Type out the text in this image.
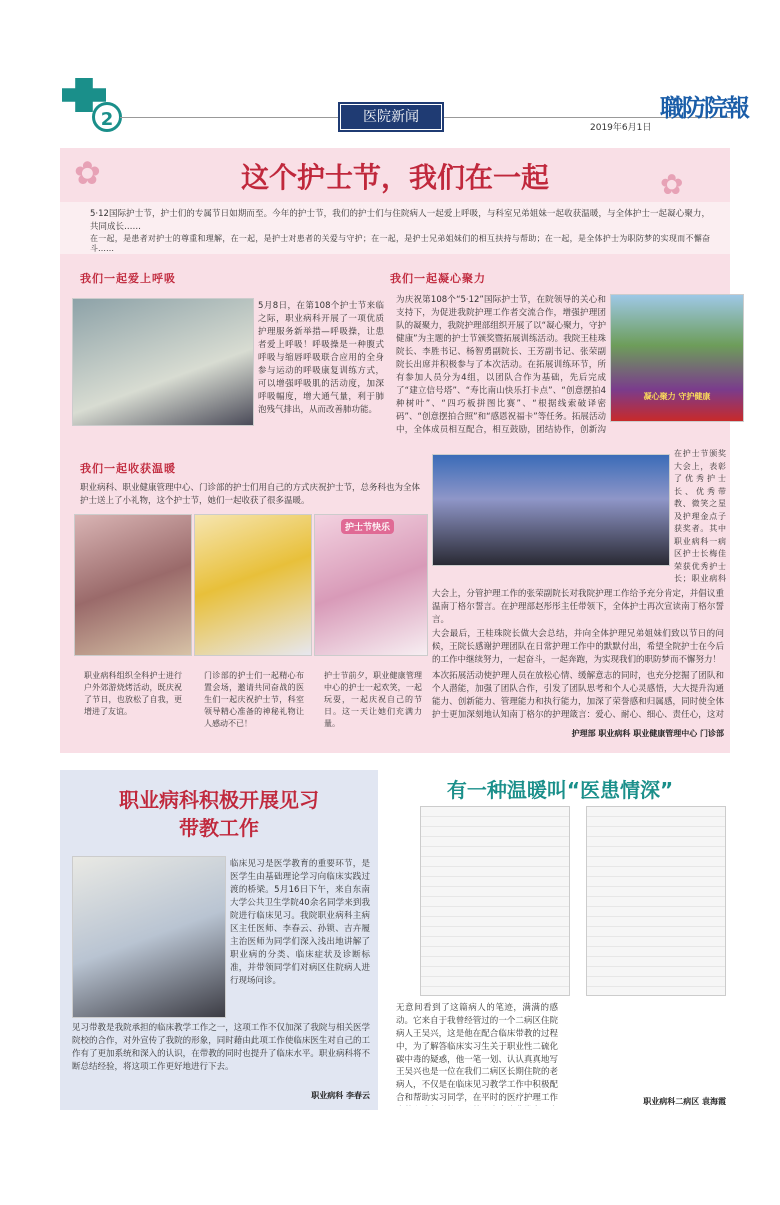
2	医院新闻
2019年6月1日
職防院報
✿	✿
这个护士节，我们在一起

5·12国际护士节，护士们的专属节日如期而至。今年的护士节，我们的护士们与住院病人一起爱上呼吸，与科室兄弟姐妹一起收获温暖，与全体护士一起凝心聚力，共同成长……

在一起，是患者对护士的尊重和理解，在一起，是护士对患者的关爱与守护；在一起，是护士兄弟姐妹们的相互扶持与帮助；在一起，是全体护士为职防梦的实现而不懈奋斗……

我们一起爱上呼吸

5月8日，在第108个护士节来临之际，职业病科开展了一项优质护理服务新举措—呼吸操，让患者爱上呼吸！呼吸操是一种腹式呼吸与缩唇呼吸联合应用的全身参与运动的呼吸康复训练方式，可以增强呼吸肌的活动度，加深呼吸幅度，增大通气量，利于肺泡残气排出，从而改善肺功能。

我们一起凝心聚力

为庆祝第108个“5·12”国际护士节，在院领导的关心和支持下，为促进我院护理工作者交流合作，增强护理团队的凝聚力，我院护理部组织开展了以“凝心聚力，守护健康”为主题的护士节颁奖暨拓展训练活动。我院王桂珠院长、李胜书记、杨智勇副院长、王芳副书记、张荣副院长出席并积极参与了本次活动。在拓展训练环节，所有参加人员分为4组，以团队合作为基础，先后完成了“建立信号塔”、“寿比南山快乐打卡点”、“创意摆拍4种树叶”、“四巧板拼图比赛”、“根据线索破译密码”、“创意摆拍合照”和“感恩祝福卡”等任务。拓展活动中，全体成员相互配合，相互鼓励，团结协作，创新沟

凝心聚力 守护健康
我们一起收获温暖

职业病科、职业健康管理中心、门诊部的护士们用自己的方式庆祝护士节，总务科也为全体护士送上了小礼物，这个护士节，她们一起收获了很多温暖。

护士节快乐

职业病科组织全科护士进行户外郊游烧烤活动，既庆祝了节日，也放松了自我，更增进了友谊。

门诊部的护士们一起精心布置会场，邀请共同奋战的医生们一起庆祝护士节，科室领导精心准备的神秘礼物让人感动不已！

护士节前夕，职业健康管理中心的护士一起欢笑，一起玩耍，一起庆祝自己的节日。这一天让她们充满力量。

在护士节颁奖大会上，表彰了优秀护士长、优秀带教、微笑之星及护理金点子获奖者。其中职业病科一病区护士长梅佳荣获优秀护士长；职业病科

大会上，分管护理工作的张荣副院长对我院护理工作给予充分肯定，并倡议重温南丁格尔誓言。在护理部赵彤彤主任带领下，全体护士再次宣读南丁格尔誓言。

大会最后，王桂珠院长做大会总结，并向全体护理兄弟姐妹们致以节日的问候，王院长感谢护理团队在日常护理工作中的默默付出，希望全院护士在今后的工作中继续努力，一起奋斗，一起奔跑，为实现我们的职防梦而不懈努力！

本次拓展活动使护理人员在放松心情、缓解意志的同时，也充分挖掘了团队和个人潜能，加强了团队合作，引发了团队思考和个人心灵感悟，大大提升沟通能力、创新能力、管理能力和执行能力，加深了荣誉感和归属感，同时使全体护士更加深刻地认知南丁格尔的护理箴言：爱心、耐心、细心、责任心，这对

护理部 职业病科 职业健康管理中心 门诊部
职业病科积极开展见习
带教工作

临床见习是医学教育的重要环节，是医学生由基础理论学习向临床实践过渡的桥梁。5月16日下午，来自东南大学公共卫生学院40余名同学来到我院进行临床见习。我院职业病科主病区主任医师、李春云、孙锁、吉卉履主治医师为同学们深入浅出地讲解了职业病的分类、临床症状及诊断标准，并带领同学们对病区住院病人进行现场问诊。

见习带教是我院承担的临床教学工作之一，这项工作不仅加深了我院与相关医学院校的合作，对外宣传了我院的形象，同时藉由此项工作使临床医生对自己的工作有了更加系统和深入的认识，在带教的同时也提升了临床水平。职业病科将不断总结经验，将这项工作更好地进行下去。

职业病科 李春云
有一种温暖叫“医患情深”

无意间看到了这篇病人的笔迹，满满的感动。它来自于我曾经管过的一个二病区住院病人王吴兴，这是他在配合临床带教的过程中，为了解答临床实习生关于职业性二硫化碳中毒的疑惑，他一笔一划、认认真真地写

王吴兴也是一位在我们二病区长期住院的老病人，不仅是在临床见习教学工作中积极配合和帮助实习同学，在平时的医疗护理工作	职业病科二病区 袁海霞
